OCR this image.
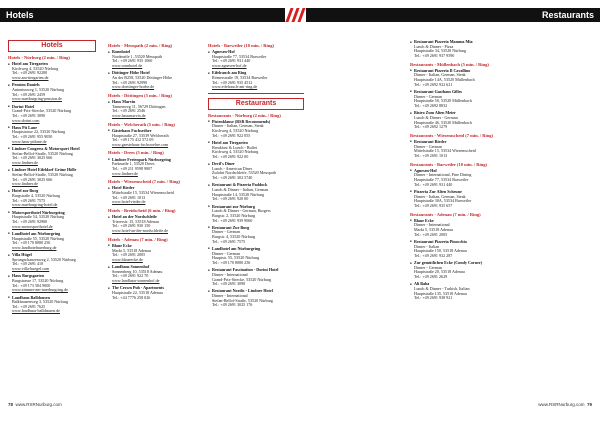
Hotels	Restaurants
Hotels
Hotels - Nürburg (2 min. / Ring)
■ Hotel am Tiergarten
Kirchweg 4, 53520 Nürburg
Tel.: +49 2691 92200
www.am-tiergarten.de
■ Pension Daniels
Antoniusweg 1, 53520 Nürburg
Tel.: +49 2691 2459
www.nuerburgring-pension.de
■ Dorint Hotel
Grand-Prix-Strecke, 53520 Nürburg
Tel.: +49 2691 3090
www.dorint.com
■ Haus Pit Lane
Hauptstrasse 22, 53520 Nürburg
Tel.: +49 2691 955 9050
www.haus-pitlane.de
■ Lindner Congress & Motorsport Hotel
Stefan-Bellof-Straße, 53520 Nürburg
Tel.: +49 2691 3025 666
www.lindner.de
■ Lindner Hotel Eifeldorf Grüne Hölle
Stefan-Bellof-Straße, 53520 Nürburg
Tel.: +49 2691 3025 666
www.lindner.de
■ Hotel zur Burg
Burgstraße 4, 53520 Nürburg
Tel.: +49 2691 7575
www.nuerburgring-hotel.de
■ Motorsporthotel Nürburgring
Hauptstraße 54, 53520 Nürburg
Tel.: +49 2691 92900
www.motorsporthotel.de
■ Landhotel am Nürburgring
Hauptstraße 55, 53520 Nürburg
Tel.: +49 170 8080 256
www.landhotelnuerburg.de
■ Villa Hügel
Sprungschanzenweg 2, 53520 Nürburg
Tel.: +49 2691 410
www.villa-huegel.com
■ Haus Burgsgarten
Burgstrasse 17, 53520 Nürburg
Tel.: +49 173 584 9000
www.zimmer-am-nuerburgring.de
■ Landhaus Balldousen
Balkhausenweg 3, 53520 Nürburg
Tel.: +49 2691 7625
www.landhaus-balldausen.de
Hotels - Meuspath (2 min. / Ring)
■ Ronnhotel
Nordmeile 1, 53520 Meuspath
Tel.: +49 2691 935 1060
www.ronnhotel.de
■ Döttinger Höhe Hotel
An der B258, 53520 Döttinger Höhe
Tel.: +49 2691 92990
www.doettinger-hoehe.de
Hotels - Döttingen (5 min. / Ring)
■ Haus Marvin
Tannenweg 11, 56729 Döttingen
Tel.: +49 2691 2546
www.hausmarvin.de
Hotels - Welcherath (5 min. / Ring)
■ Gästehaus Fuchsröhre
Hauptstraße 27, 53539 Welcherath
Tel.: +49 175 412 572 69
www.gaestehaus-fuchsroehre.com
Hotels - Drees (5 min. / Ring)
■ Lindner Ferienpark Nürburgring
Parkmeile 1, 53520 Drees
Tel.: +49 211 9598 9007
www.lindner.de
Hotels - Wiesemscheid (7 min. / Ring)
■ Hotel Rieder
Mittelstraße 15, 53534 Wiesemscheid
Tel.: +49 2691 1013
www.hotel-rieder.de
Hotels - Breidscheid (6 min. / Ring)
■ Hotel an der Nordschleife
Triererstr. 15, 53518 Adenau
Tel.: +49 2691 930 150
www.hotel-an-der-nordschleife.de
Hotels - Adenau (7 min. / Ring)
■ Blaue Ecke
Markt 5, 53518 Adenau
Tel.: +49 2691 2005
www.blaueecke.de
■ Landhaus Sonnenhof
Sonnenberg 10, 53518 Adenau
Tel.: +49 2691 922 70
www.landhaus-sonnenhof.de
■ The Crown Pub - Apartments
Hauptstraße 22, 53518 Adenau
Tel.: +44 7776 258 026
Hotels - Barweiler (10 min. / Ring)
■ Agnesen-Hof
Hauptstraße 77, 53534 Barweiler
Tel.: +49 2691 931 440
www.agnesen-hof.de
■ Eifelrauch am Ring
Römerstraße 19, 53534 Barweiler
Tel.: +49 2691 935 4512
www.eifelrauch-am-ring.de
Restaurants
Restaurants - Nürburg (2 min. / Ring)
■ Pistenklause (RSR Recommends)
Dinner - Italian, German, Steak
Kirchweg 4, 53520 Nürburg
Tel.: +49 2691 922 055
■ Hotel am Tiergarten
Breakfast & Lunch - Buffet
Kirchweg 4, 53520 Nürburg
Tel.: +49 2691 922 00
■ Devil's Diner
Lunch - American Diner
Zufahrt Nordschleife, 53520 Meuspath
Tel.: +49 2691 302 5740
■ Restaurant & Pizzeria Paddock
Lunch & Dinner - Italian, German
Hauptstraße 14, 53520 Nürburg
Tel.: +49 2691 920 00
■ Restaurant zur Nürburg
Lunch & Dinner - German, Burgers
Burgstr. 2, 53520 Nürburg
Tel.: +49 2691 939 9060
■ Restaurant Zur Burg
Dinner - German
Burgstr. 4, 53520 Nürburg
Tel.: +49 2691 7575
■ Landhotel am Nürburgring
Dinner - German
Hauptstr. 55, 53520 Nürburg
Tel.: +49 170 8080 256
■ Restaurant Fascination - Dorint Hotel
Dinner - International
Grand-Prix-Strecke, 53520 Nürburg
Tel.: +49 2691 3090
■ Restaurant Nordic - Lindner Hotel
Dinner - International
Stefan-Bellof-Straße, 53520 Nürburg
Tel.: +49 2691 3025 176
■ Restaurant Pizzeria Mamma Mia
Lunch & Dinner - Pizza
Hauptstraße 34, 53520 Nürburg
Tel.: +49 2691 937 9590
Restaurants - Müllenbach (5 min. / Ring)
■ Restaurant Pizzeria Il Cavallino
Dinner - Italian, German, Steak
Hauptstraße 14A, 53520 Müllenbach
Tel.: +49 2692 932 621
■ Restaurant Gasthaus Gilles
Dinner - German
Hauptstraße 50, 53520 Müllenbach
Tel.: +49 2692 8832
■ Bistro Zum Alten Meier
Lunch & Dinner - German
Hauptstraße 46, 53520 Müllenbach
Tel.: +49 2692 1279
Restaurants - Wiesemscheid (7 min. / Ring)
■ Restaurant Rieder
Dinner - German
Mittelstraße 15, 53534 Wiesemscheid
Tel.: +49 2691 1013
Restaurants - Barweiler (10 min. / Ring)
■ Agnesen-Hof
Dinner - International, Fine Dining
Hauptstraße 77, 53534 Barweiler
Tel.: +49 2691 931 440
■ Pizzeria Zur Alten Scheune
Dinner - Italian, German, Steak
Hauptstraße 30A, 53534 Barweiler
Tel.: +49 2691 935 657
Restaurants - Adenau (7 min. / Ring)
■ Blaue Ecke
Dinner - International
Markt 5, 53518 Adenau
Tel.: +49 2691 2005
■ Restaurant Pizzeria Pinocchio
Dinner - Italian
Hauptstraße 150, 53518 Adenau
Tel.: +49 2691 932 287
■ Zur gemütlichen Ecke (Comfy Corner)
Dinner - German
Hauptstraße 20, 53518 Adenau
Tel.: +49 2691 2629
■ Ali Baba
Lunch & Dinner - Turkish, Italian
Hauptstraße 135, 53518 Adenau
Tel.: +49 2691 938 921
78 www.RSRNurburg.com	www.RSRNurburg.com 79
